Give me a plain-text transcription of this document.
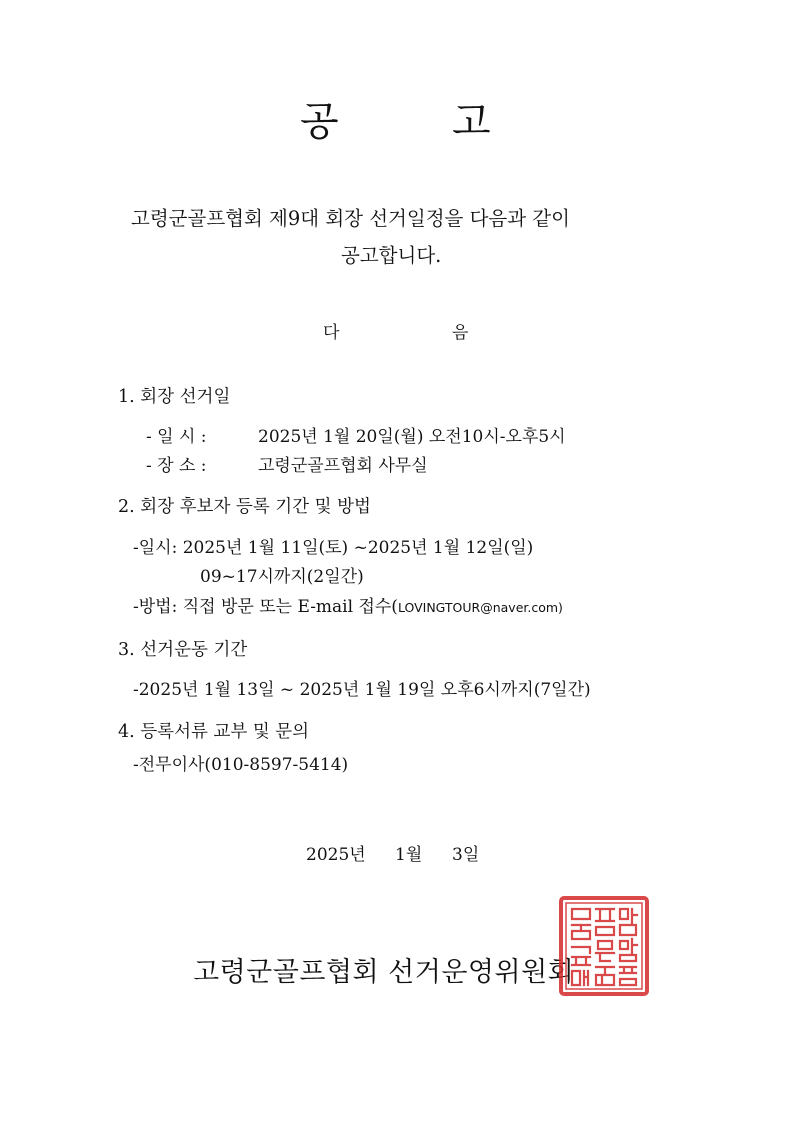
공	고
고령군골프협회 제9대 회장 선거일정을 다음과 같이
공고합니다.
다	음
1. 회장 선거일
- 일 시 :	2025년 1월 20일(월) 오전10시-오후5시
- 장 소 :	고령군골프협회 사무실
2. 회장 후보자 등록 기간 및 방법
-일시: 2025년 1월 11일(토) ~2025년 1월 12일(일)
09~17시까지(2일간)
-방법: 직접 방문 또는 E-mail 접수(LOVINGTOUR@naver.com)
3. 선거운동 기간
-2025년 1월 13일 ~ 2025년 1월 19일 오후6시까지(7일간)
4. 등록서류 교부 및 문의
-전무이사(010-8597-5414)
2025년 1월 3일
고령군골프협회 선거운영위원회
